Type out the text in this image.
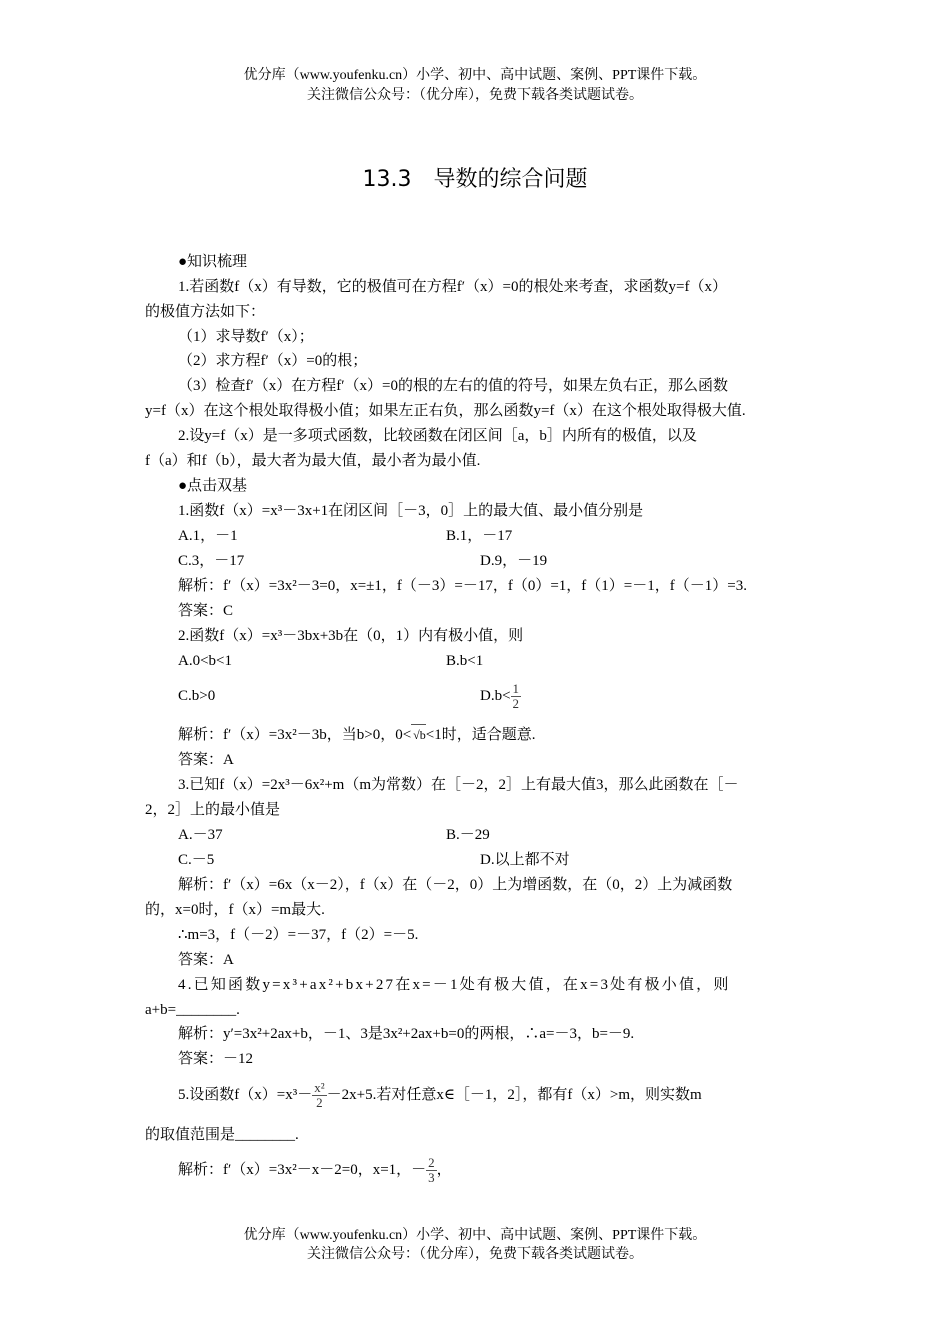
优分库（www.youfenku.cn）小学、初中、高中试题、案例、PPT课件下载。
关注微信公众号：（优分库），免费下载各类试题试卷。
13.3　导数的综合问题
●知识梳理
1.若函数f（x）有导数，它的极值可在方程f′（x）=0的根处来考查，求函数y=f（x）
的极值方法如下：
（1）求导数f′（x）；
（2）求方程f′（x）=0的根；
（3）检查f′（x）在方程f′（x）=0的根的左右的值的符号，如果左负右正，那么函数
y=f（x）在这个根处取得极小值；如果左正右负，那么函数y=f（x）在这个根处取得极大值.
2.设y=f（x）是一多项式函数，比较函数在闭区间［a，b］内所有的极值，以及
f（a）和f（b），最大者为最大值，最小者为最小值.
●点击双基
1.函数f（x）=x³－3x+1在闭区间［－3，0］上的最大值、最小值分别是
A.1，－1	B.1，－17
C.3，－17	D.9，－19
解析：f′（x）=3x²－3=0，x=±1，f（－3）=－17，f（0）=1，f（1）=－1，f（－1）=3.
答案：C
2.函数f（x）=x³－3bx+3b在（0，1）内有极小值，则
A.0<b<1	B.b<1
C.b>0	$D.b< \frac{1}{2}$
解析：f′（x）=3x²－3b，当b>0，0< √b<1时，适合题意.
答案：A
3.已知f（x）=2x³－6x²+m（m为常数）在［－2，2］上有最大值3，那么此函数在［－
2，2］上的最小值是
A.－37	B.－29
C.－5	D.以上都不对
解析：f′（x）=6x（x－2），f（x）在（－2，0）上为增函数，在（0，2）上为减函数
的，x=0时，f（x）=m最大.
∴m=3，f（－2）=－37，f（2）=－5.
答案：A
4.已知函数y=x³+ax²+bx+27在x=－1处有极大值，在x=3处有极小值，则
a+b=________.
解析：y′=3x²+2ax+b，－1、3是3x²+2ax+b=0的两根，∴a=－3，b=－9.
答案：－12
5.设函数$f(x)=x^3- \frac{\text{x²}}{2} -2x+5$.若对任意x∈［－1，2］，都有f（x）>m，则实数m
的取值范围是________.
解析：f′（x）=3x²－x－2=0，x=1，－ $\frac{2}{3}$ ，
优分库（www.youfenku.cn）小学、初中、高中试题、案例、PPT课件下载。
关注微信公众号：（优分库），免费下载各类试题试卷。
